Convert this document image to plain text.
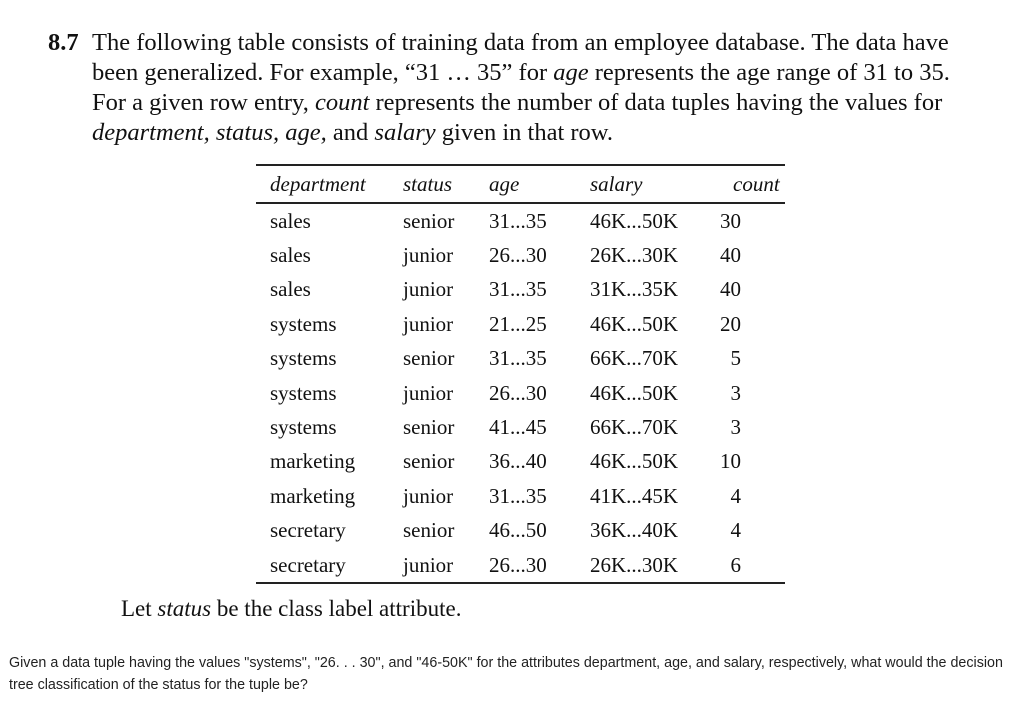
8.7 The following table consists of training data from an employee database. The data have
been generalized. For example, “31 … 35” for age represents the age range of 31 to 35.
For a given row entry, count represents the number of data tuples having the values for
department, status, age, and salary given in that row.
department	status	age	salary	count
sales	senior	31...35	46K...50K	30
sales	junior	26...30	26K...30K	40
sales	junior	31...35	31K...35K	40
systems	junior	21...25	46K...50K	20
systems	senior	31...35	66K...70K	5
systems	junior	26...30	46K...50K	3
systems	senior	41...45	66K...70K	3
marketing	senior	36...40	46K...50K	10
marketing	junior	31...35	41K...45K	4
secretary	senior	46...50	36K...40K	4
secretary	junior	26...30	26K...30K	6
Let status be the class label attribute.
Given a data tuple having the values "systems", "26. . . 30", and "46-50K" for the attributes department, age, and salary, respectively, what would the decision tree classification of the status for the tuple be?
